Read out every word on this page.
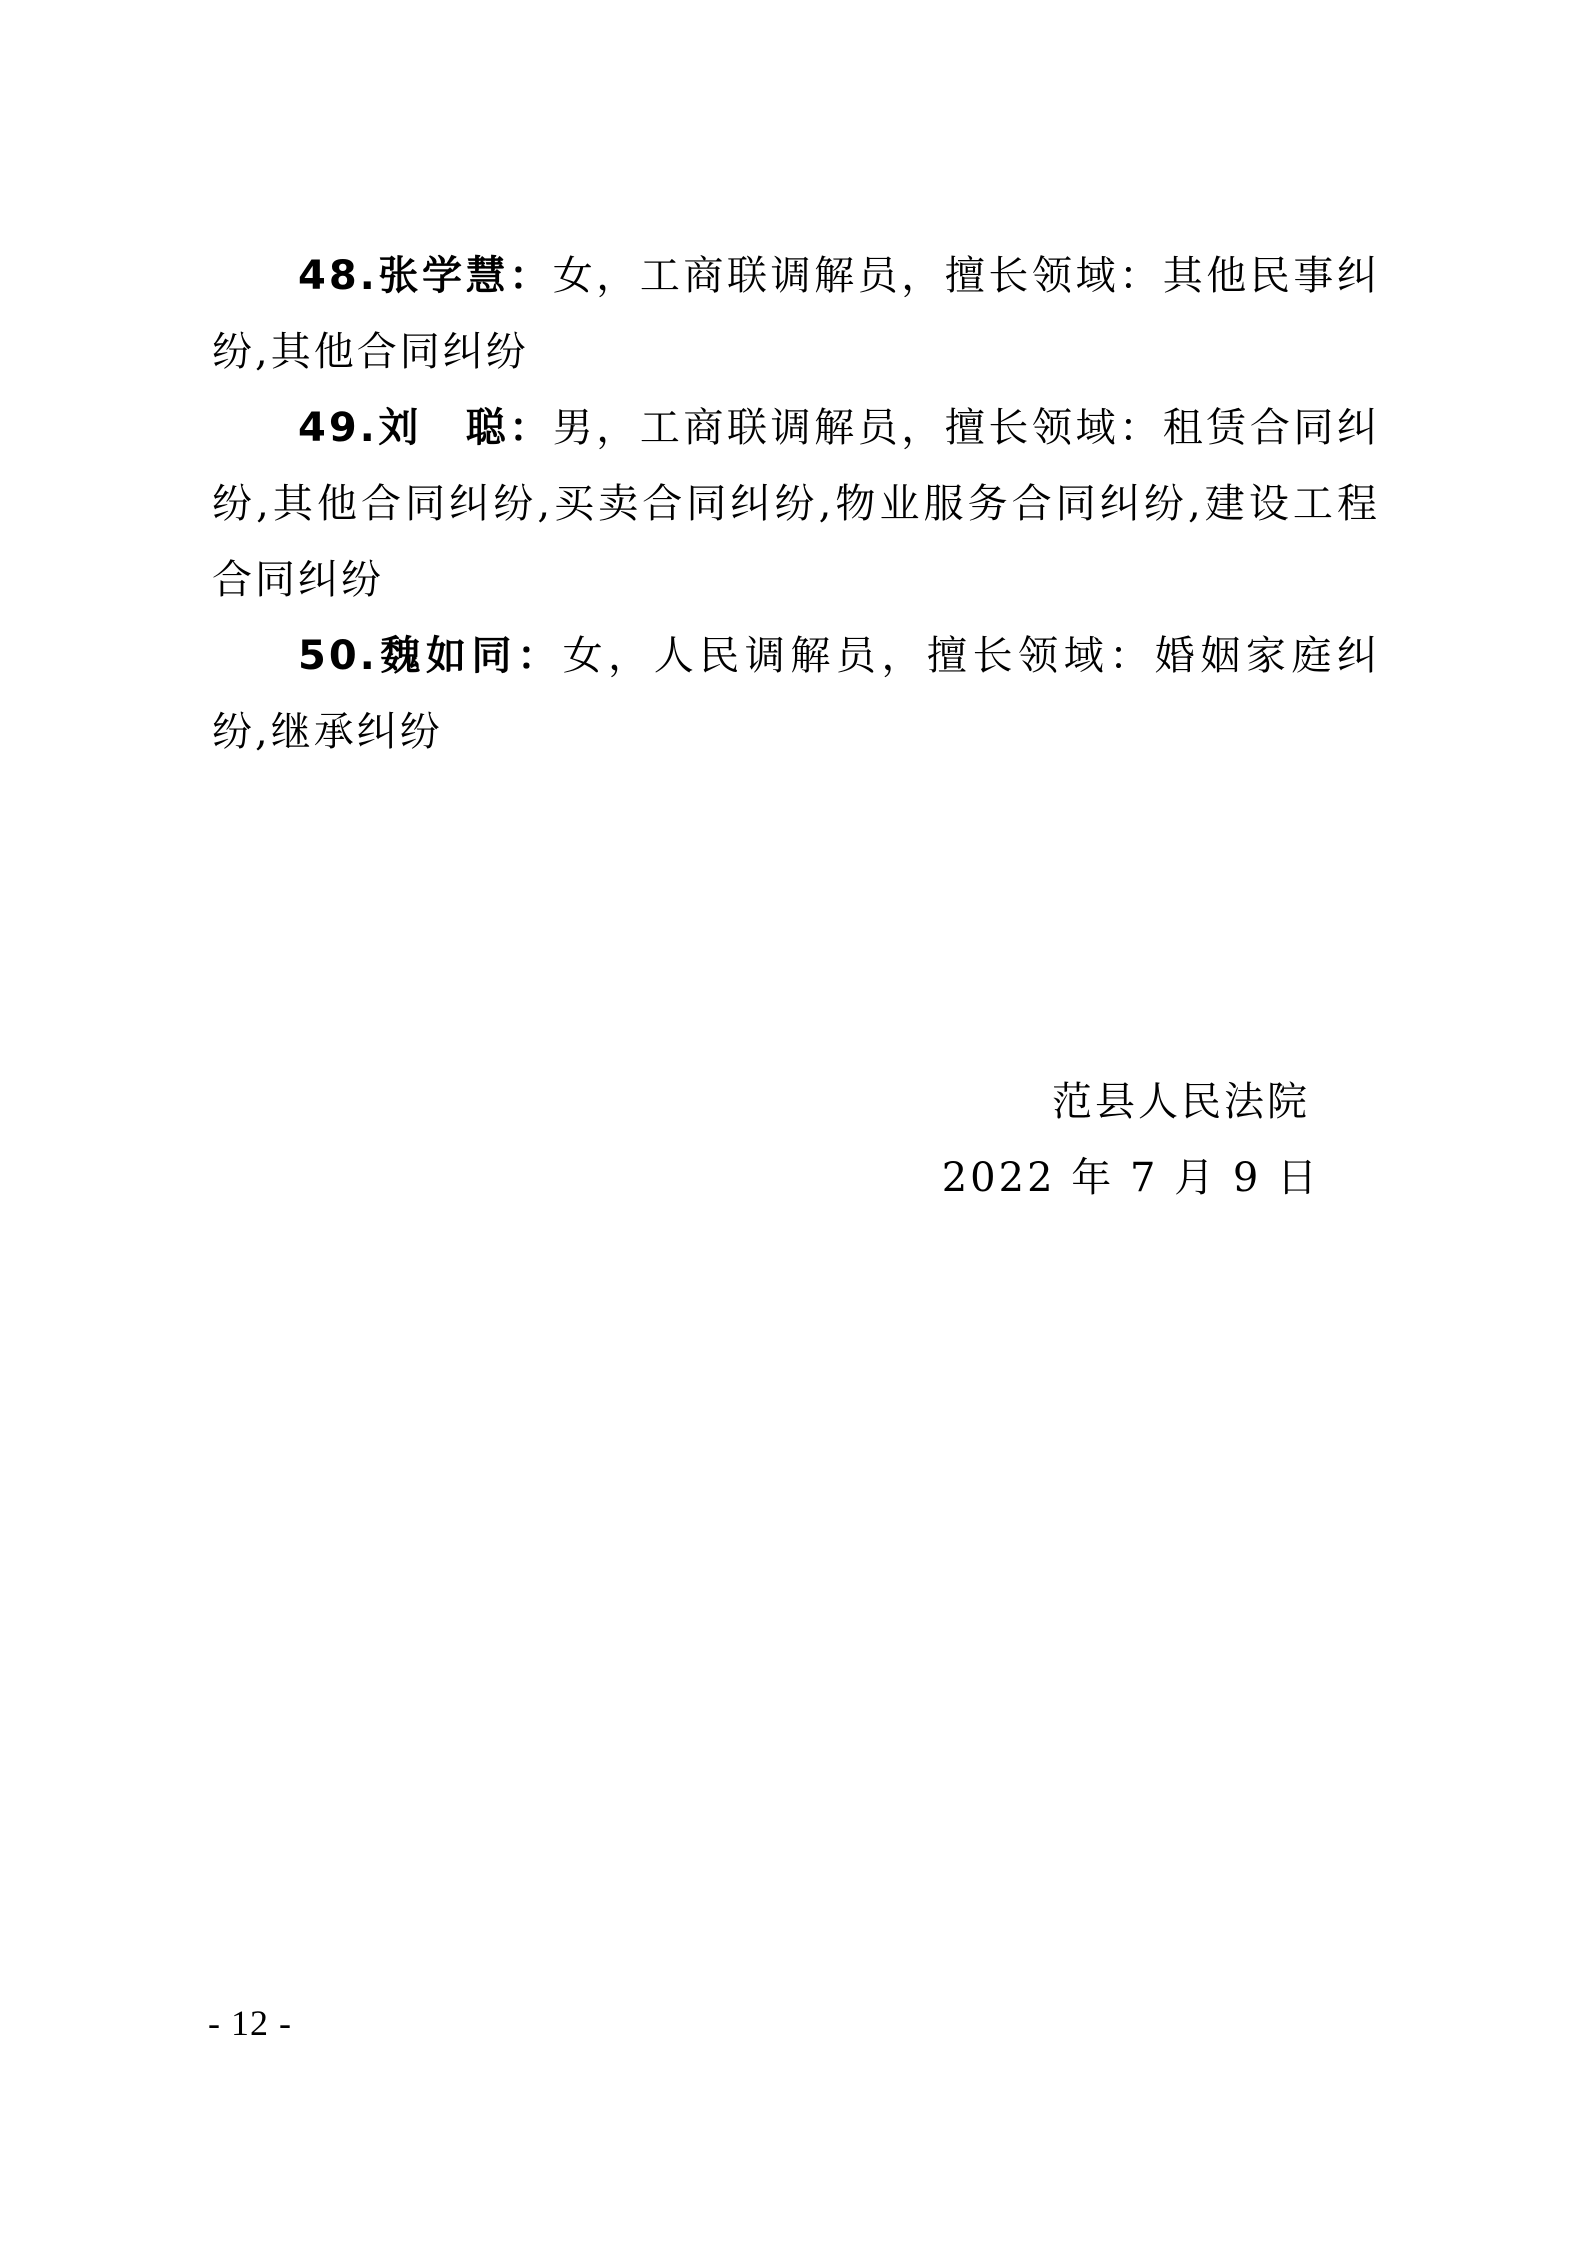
48.张学慧：女，工商联调解员，擅长领域：其他民事纠纷,其他合同纠纷

49.刘　聪：男，工商联调解员，擅长领域：租赁合同纠纷,其他合同纠纷,买卖合同纠纷,物业服务合同纠纷,建设工程合同纠纷

50.魏如同：女，人民调解员，擅长领域：婚姻家庭纠纷,继承纠纷

范县人民法院
2022 年 7 月 9 日
- 12 -
